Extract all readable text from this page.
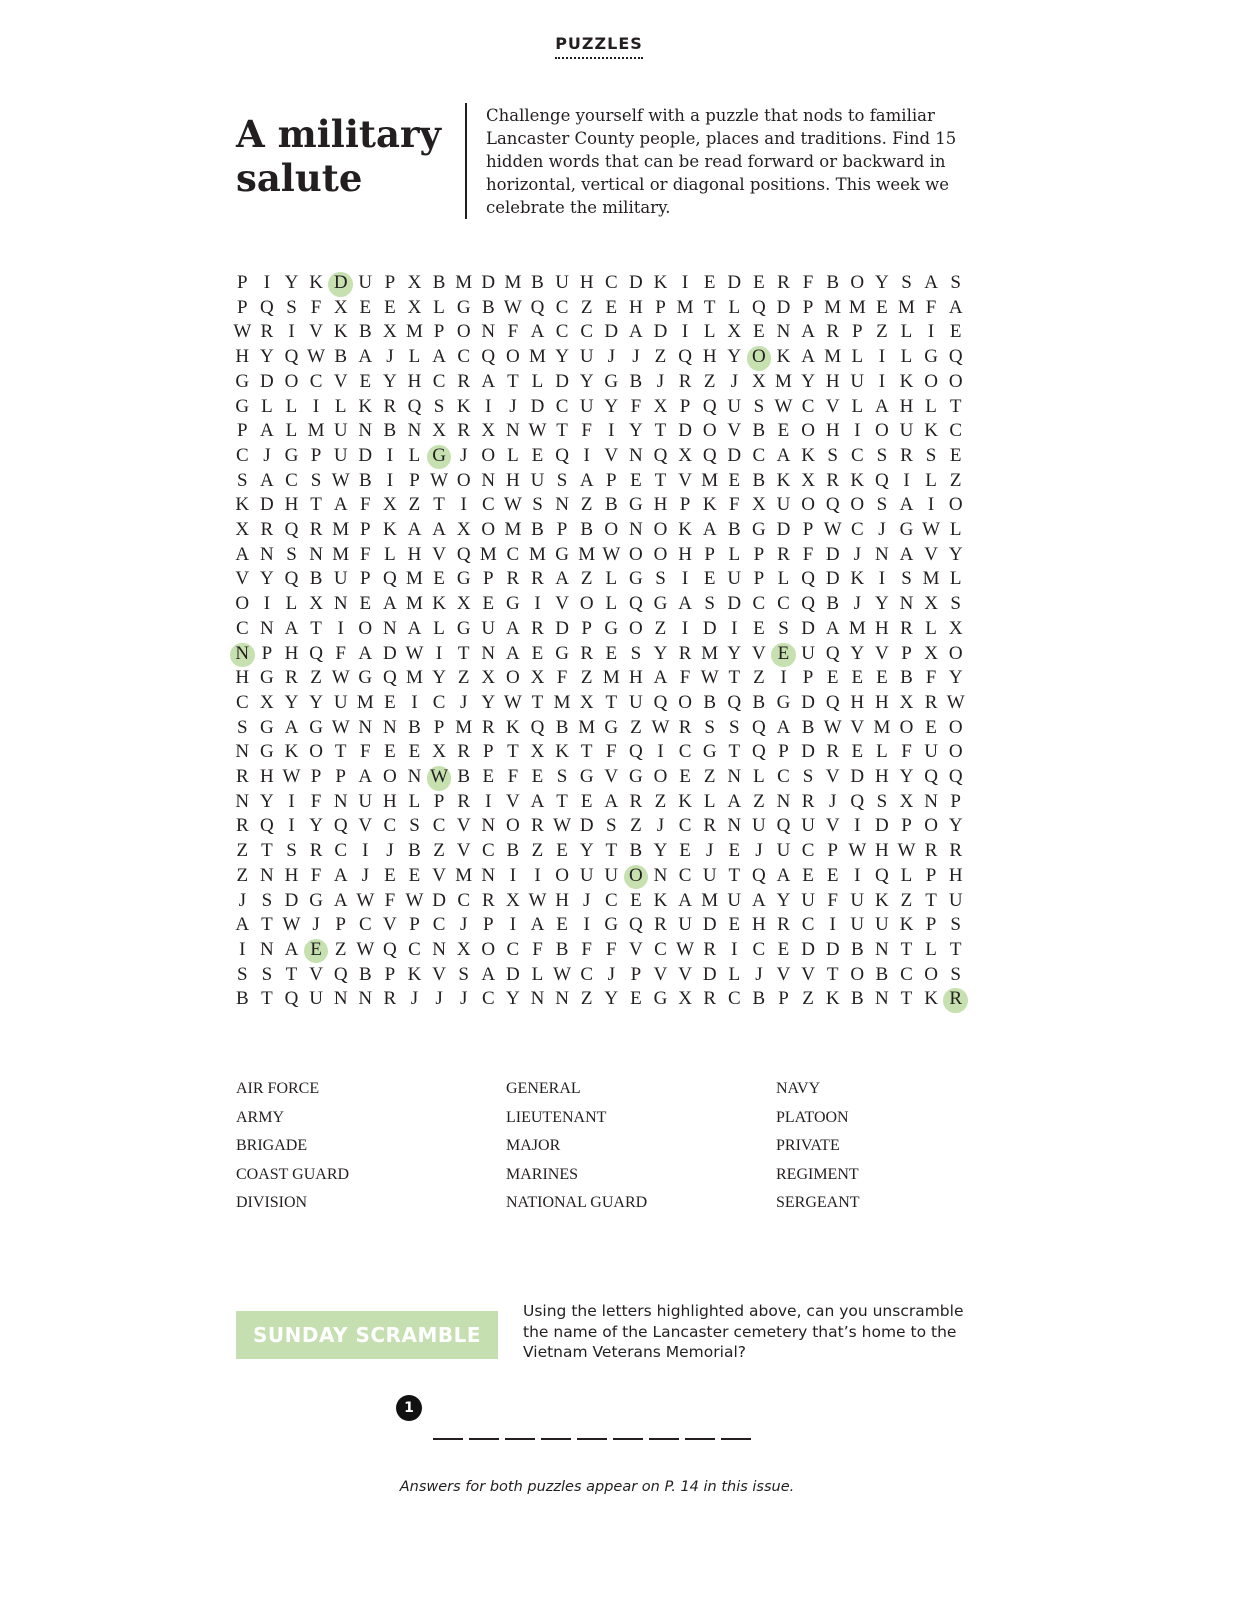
PUZZLES
A military salute

Challenge yourself with a puzzle that nods to familiar Lancaster County people, places and traditions. Find 15 hidden words that can be read forward or backward in horizontal, vertical or diagonal positions. This week we celebrate the military.

P I Y K D U P X B M D M B U H C D K I E D E R F B O Y S A S
P Q S F X E E X L G B W Q C Z E H P M T L Q D P M M E M F A
W R I V K B X M P O N F A C C D A D I L X E N A R P Z L I E
H Y Q W B A J L A C Q O M Y U J J Z Q H Y O K A M L I L G Q
G D O C V E Y H C R A T L D Y G B J R Z J X M Y H U I K O O
G L L I L K R Q S K I J D C U Y F X P Q U S W C V L A H L T
P A L M U N B N X R X N W T F I Y T D O V B E O H I O U K C
C J G P U D I L G J O L E Q I V N Q X Q D C A K S C S R S E
S A C S W B I P W O N H U S A P E T V M E B K X R K Q I L Z
K D H T A F X Z T I C W S N Z B G H P K F X U O Q O S A I O
X R Q R M P K A A X O M B P B O N O K A B G D P W C J G W L
A N S N M F L H V Q M C M G M W O O H P L P R F D J N A V Y
V Y Q B U P Q M E G P R R A Z L G S I E U P L Q D K I S M L
O I L X N E A M K X E G I V O L Q G A S D C C Q B J Y N X S
C N A T I O N A L G U A R D P G O Z I D I E S D A M H R L X
N P H Q F A D W I T N A E G R E S Y R M Y V E U Q Y V P X O
H G R Z W G Q M Y Z X O X F Z M H A F W T Z I P E E E B F Y
C X Y Y U M E I C J Y W T M X T U Q O B Q B G D Q H H X R W
S G A G W N N B P M R K Q B M G Z W R S S Q A B W V M O E O
N G K O T F E E X R P T X K T F Q I C G T Q P D R E L F U O
R H W P P A O N W B E F E S G V G O E Z N L C S V D H Y Q Q
N Y I F N U H L P R I V A T E A R Z K L A Z N R J Q S X N P
R Q I Y Q V C S C V N O R W D S Z J C R N U Q U V I D P O Y
Z T S R C I J B Z V C B Z E Y T B Y E J E J U C P W H W R R
Z N H F A J E E V M N I I O U U O N C U T Q A E E I Q L P H
J S D G A W F W D C R X W H J C E K A M U A Y U F U K Z T U
A T W J P C V P C J P I A E I G Q R U D E H R C I U U K P S
I N A E Z W Q C N X O C F B F F V C W R I C E D D B N T L T
S S T V Q B P K V S A D L W C J P V V D L J V V T O B C O S
B T Q U N N R J J J C Y N N Z Y E G X R C B P Z K B N T K R
AIR FORCE
ARMY
BRIGADE
COAST GUARD
DIVISION
GENERAL
LIEUTENANT
MAJOR
MARINES
NATIONAL GUARD
NAVY
PLATOON
PRIVATE
REGIMENT
SERGEANT
SUNDAY SCRAMBLE
Using the letters highlighted above, can you unscramble the name of the Lancaster cemetery that’s home to the Vietnam Veterans Memorial?
1
Answers for both puzzles appear on P. 14 in this issue.
